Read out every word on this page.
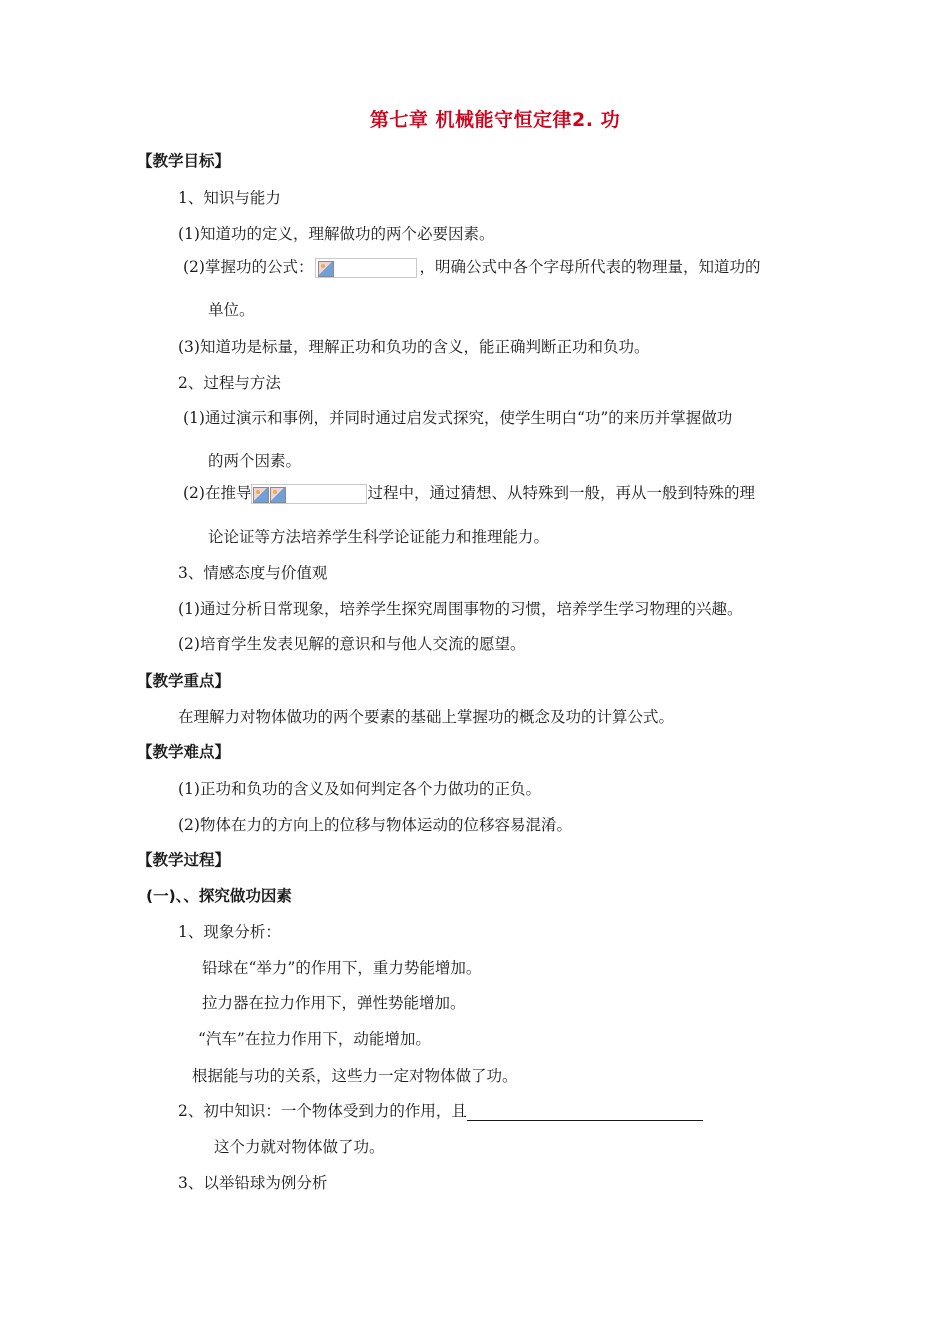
第七章 机械能守恒定律2. 功
【教学目标】
1、知识与能力
(1)知道功的定义，理解做功的两个必要因素。
(2)掌握功的公式：	，明确公式中各个字母所代表的物理量，知道功的
单位。
(3)知道功是标量，理解正功和负功的含义，能正确判断正功和负功。
2、过程与方法
(1)通过演示和事例，并同时通过启发式探究，使学生明白“功”的来历并掌握做功
的两个因素。
(2)在推导	过程中，通过猜想、从特殊到一般，再从一般到特殊的理
论论证等方法培养学生科学论证能力和推理能力。
3、情感态度与价值观
(1)通过分析日常现象，培养学生探究周围事物的习惯，培养学生学习物理的兴趣。
(2)培育学生发表见解的意识和与他人交流的愿望。
【教学重点】
在理解力对物体做功的两个要素的基础上掌握功的概念及功的计算公式。
【教学难点】
(1)正功和负功的含义及如何判定各个力做功的正负。
(2)物体在力的方向上的位移与物体运动的位移容易混淆。
【教学过程】
(一)、、探究做功因素
1、现象分析：
铅球在“举力”的作用下，重力势能增加。
拉力器在拉力作用下，弹性势能增加。
“汽车”在拉力作用下，动能增加。
根据能与功的关系，这些力一定对物体做了功。
2、初中知识：一个物体受到力的作用，且
这个力就对物体做了功。
3、以举铅球为例分析
